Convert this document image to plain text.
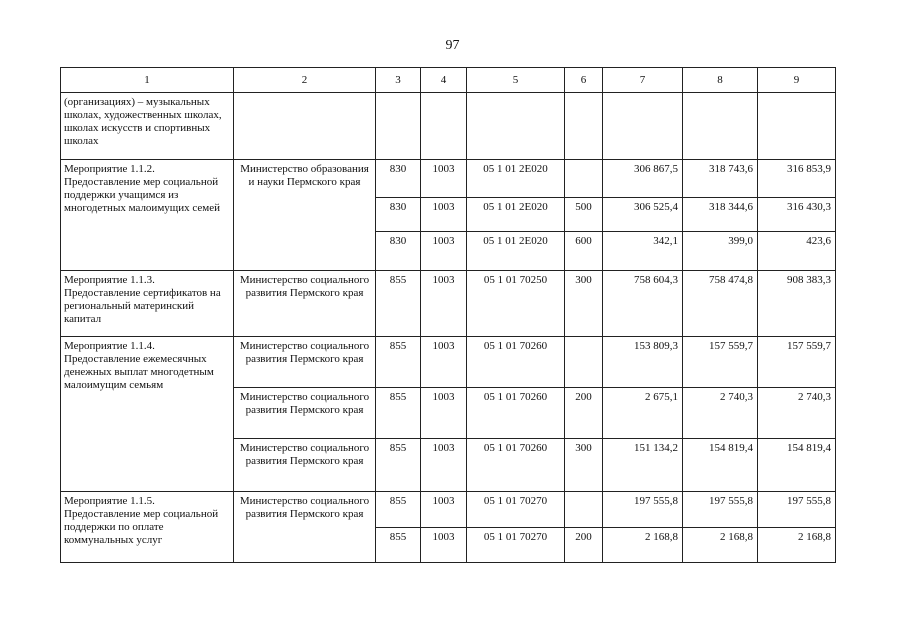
97
1	2	3	4	5	6	7	8	9
(организациях) – музыкальных школах, художественных школах, школах искусств и спортивных школах								
Мероприятие 1.1.2. Предоставление мер социальной поддержки учащимся из многодетных малоимущих семей	Министерство образования и науки Пермского края	830	1003	05 1 01 2Е020		306 867,5	318 743,6	316 853,9
		830	1003	05 1 01 2Е020	500	306 525,4	318 344,6	316 430,3
		830	1003	05 1 01 2Е020	600	342,1	399,0	423,6
Мероприятие 1.1.3. Предоставление сертификатов на региональный материнский капитал	Министерство социального развития Пермского края	855	1003	05 1 01 70250	300	758 604,3	758 474,8	908 383,3
Мероприятие 1.1.4. Предоставление ежемесячных денежных выплат многодетным малоимущим семьям	Министерство социального развития Пермского края	855	1003	05 1 01 70260		153 809,3	157 559,7	157 559,7
	Министерство социального развития Пермского края	855	1003	05 1 01 70260	200	2 675,1	2 740,3	2 740,3
	Министерство социального развития Пермского края	855	1003	05 1 01 70260	300	151 134,2	154 819,4	154 819,4
Мероприятие 1.1.5. Предоставление мер социальной поддержки по оплате коммунальных услуг	Министерство социального развития Пермского края	855	1003	05 1 01 70270		197 555,8	197 555,8	197 555,8
		855	1003	05 1 01 70270	200	2 168,8	2 168,8	2 168,8
